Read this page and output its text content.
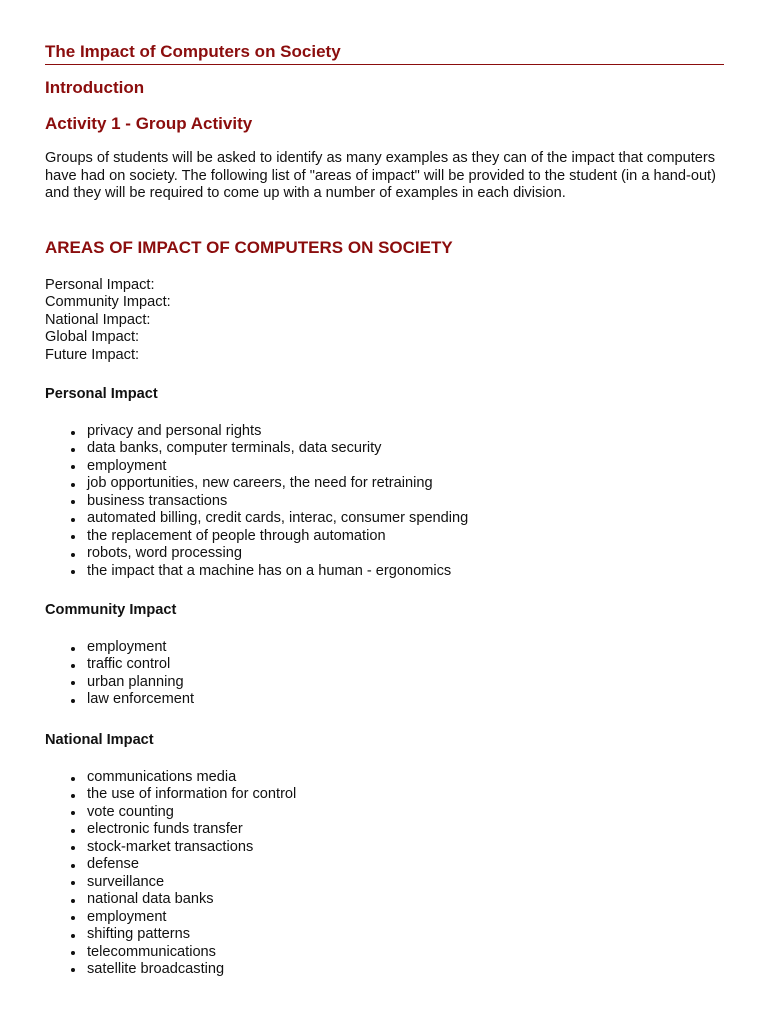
The Impact of Computers on Society
Introduction
Activity 1 - Group Activity

Groups of students will be asked to identify as many examples as they can of the impact that computers have had on society. The following list of "areas of impact" will be provided to the student (in a hand-out) and they will be required to come up with a number of examples in each division.

AREAS OF IMPACT OF COMPUTERS ON SOCIETY
Personal Impact:
Community Impact:
National Impact:
Global Impact:
Future Impact:
Personal Impact
privacy and personal rights
data banks, computer terminals, data security
employment
job opportunities, new careers, the need for retraining
business transactions
automated billing, credit cards, interac, consumer spending
the replacement of people through automation
robots, word processing
the impact that a machine has on a human - ergonomics
Community Impact
employment
traffic control
urban planning
law enforcement
National Impact
communications media
the use of information for control
vote counting
electronic funds transfer
stock-market transactions
defense
surveillance
national data banks
employment
shifting patterns
telecommunications
satellite broadcasting
